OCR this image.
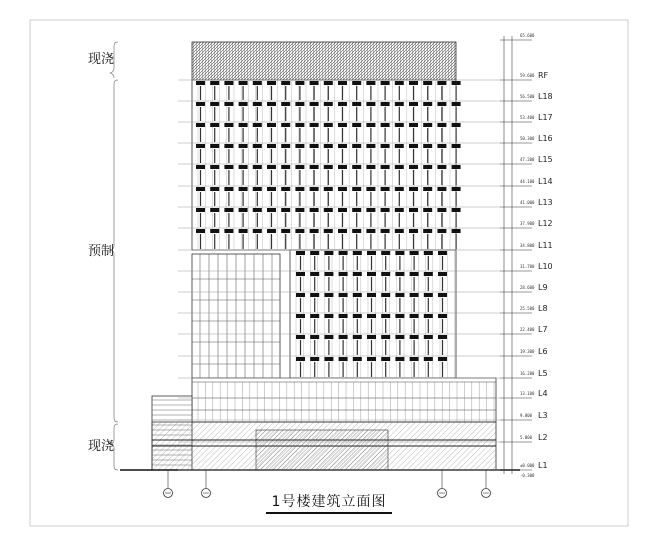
现浇
预制
现浇
RF
59.600
L18
56.500
L17
53.400
L16
50.300
L15
47.200
L14
44.100
L13
41.000
L12
37.900
L11
34.800
L10
31.700
L9
28.600
L8
25.500
L7
22.400
L6
19.300
L5
16.200
L4
13.100
L3
9.800
L2
5.000
L1
±0.000
65.600
-0.300
1号楼建筑立面图
